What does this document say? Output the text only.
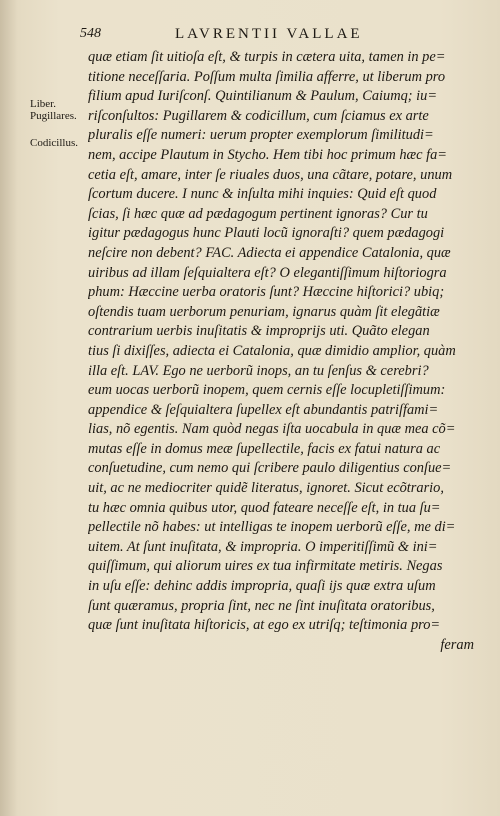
548	LAVRENTII VALLAE
Liber.
Pugillares.
Codicillus.
quæ etiam ſit uitioſa eſt, & turpis in cætera uita, tamen in pe=
titione neceſſaria. Poſſum multa ſimilia afferre, ut liberum pro
filium apud Iuriſconſ. Quintilianum & Paulum, Caiumq; iu=
riſconſultos: Pugillarem & codicillum, cum ſciamus ex arte
pluralis eſſe numeri: uerum propter exemplorum ſimilitudi=
nem, accipe Plautum in Stycho. Hem tibi hoc primum hæc fa=
cetia eſt, amare, inter ſe riuales duos, una cãtare, potare, unum
ſcortum ducere. I nunc & inſulta mihi inquies: Quid eſt quod
ſcias, ſi hæc quæ ad pædagogum pertinent ignoras? Cur tu
igitur pædagogus hunc Plauti locũ ignoraſti? quem pædagogi
neſcire non debent? FAC. Adiecta ei appendice Catalonia, quæ
uiribus ad illam ſeſquialtera eſt? O elegantiſſimum hiſtoriogra
phum: Hæccine uerba oratoris ſunt? Hæccine hiſtorici? ubiq;
oſtendis tuam uerborum penuriam, ignarus quàm ſit elegãtiæ
contrarium uerbis inuſitatis & improprijs uti. Quãto elegan
tius ſi dixiſſes, adiecta ei Catalonia, quæ dimidio amplior, quàm
illa eſt. LAV. Ego ne uerborũ inops, an tu ſenſus & cerebri?
eum uocas uerborũ inopem, quem cernis eſſe locupletiſſimum:
appendice & ſeſquialtera ſupellex eſt abundantis patriſfami=
lias, nõ egentis. Nam quòd negas iſta uocabula in quæ mea cõ=
mutas eſſe in domus meæ ſupellectile, facis ex fatui natura ac
conſuetudine, cum nemo qui ſcribere paulo diligentius conſue=
uit, ac ne mediocriter quidẽ literatus, ignoret. Sicut ecõtrario,
tu hæc omnia quibus utor, quod fateare neceſſe eſt, in tua ſu=
pellectile nõ habes: ut intelligas te inopem uerborũ eſſe, me di=
uitem. At ſunt inuſitata, & impropria. O imperitiſſimũ & ini=
quiſſimum, qui aliorum uires ex tua infirmitate metiris. Negas
in uſu eſſe: dehinc addis impropria, quaſi ijs quæ extra uſum
ſunt quæramus, propria ſint, nec ne ſint inuſitata oratoribus,
quæ ſunt inuſitata hiſtoricis, at ego ex utriſq; teſtimonia pro=
feram
